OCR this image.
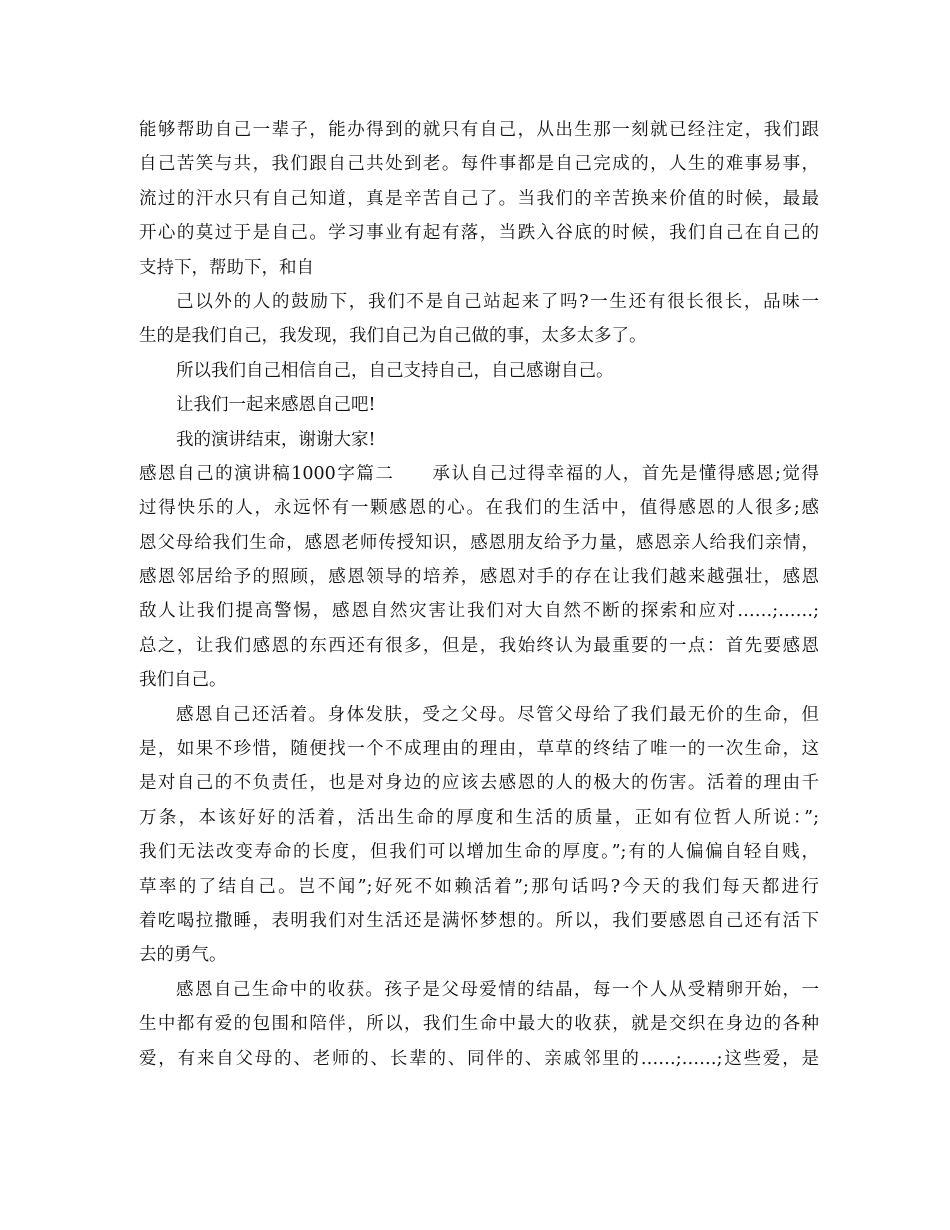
能够帮助自己一辈子，能办得到的就只有自己，从出生那一刻就已经注定，我们跟
自己苦笑与共，我们跟自己共处到老。每件事都是自己完成的，人生的难事易事，
流过的汗水只有自己知道，真是辛苦自己了。当我们的辛苦换来价值的时候，最最
开心的莫过于是自己。学习事业有起有落，当跌入谷底的时候，我们自己在自己的
支持下，帮助下，和自
己以外的人的鼓励下，我们不是自己站起来了吗?一生还有很长很长，品味一
生的是我们自己，我发现，我们自己为自己做的事，太多太多了。
所以我们自己相信自己，自己支持自己，自己感谢自己。
让我们一起来感恩自己吧!
我的演讲结束，谢谢大家!
感恩自己的演讲稿1000字篇二　　承认自己过得幸福的人，首先是懂得感恩;觉得
过得快乐的人，永远怀有一颗感恩的心。在我们的生活中，值得感恩的人很多;感
恩父母给我们生命，感恩老师传授知识，感恩朋友给予力量，感恩亲人给我们亲情，
感恩邻居给予的照顾，感恩领导的培养，感恩对手的存在让我们越来越强壮，感恩
敌人让我们提高警惕，感恩自然灾害让我们对大自然不断的探索和应对……;……;
总之，让我们感恩的东西还有很多，但是，我始终认为最重要的一点：首先要感恩
我们自己。
感恩自己还活着。身体发肤，受之父母。尽管父母给了我们最无价的生命，但
是，如果不珍惜，随便找一个不成理由的理由，草草的终结了唯一的一次生命，这
是对自己的不负责任，也是对身边的应该去感恩的人的极大的伤害。活着的理由千
万条，本该好好的活着，活出生命的厚度和生活的质量，正如有位哲人所说：”;
我们无法改变寿命的长度，但我们可以增加生命的厚度。”;有的人偏偏自轻自贱，
草率的了结自己。岂不闻”;好死不如赖活着”;那句话吗?今天的我们每天都进行
着吃喝拉撒睡，表明我们对生活还是满怀梦想的。所以，我们要感恩自己还有活下
去的勇气。
感恩自己生命中的收获。孩子是父母爱情的结晶，每一个人从受精卵开始，一
生中都有爱的包围和陪伴，所以，我们生命中最大的收获，就是交织在身边的各种
爱，有来自父母的、老师的、长辈的、同伴的、亲戚邻里的……;……;这些爱，是
